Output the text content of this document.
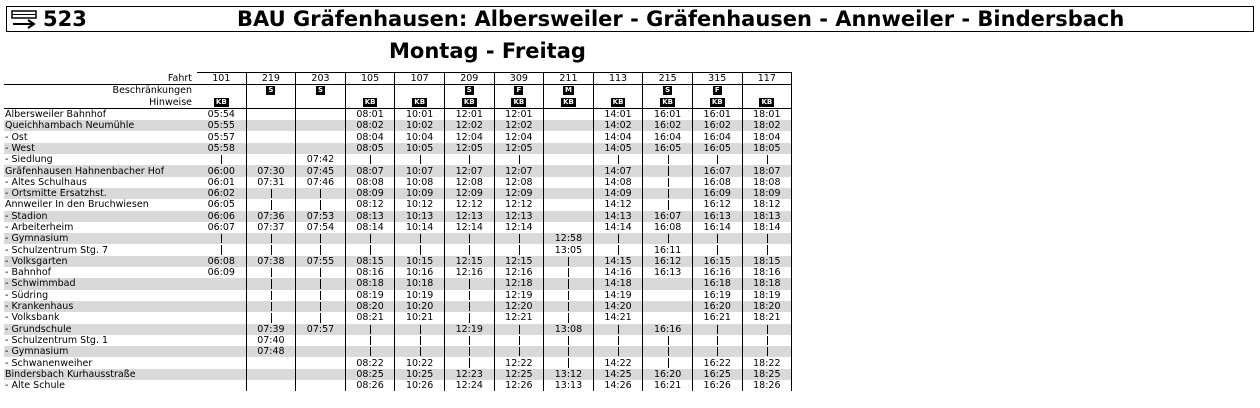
523	BAU Gräfenhausen: Albersweiler - Gräfenhausen - Annweiler - Bindersbach
Montag - Freitag
Fahrt	101	219	203	105	107	209	309	211	113	215	315	117
Beschränkungen		S	S			S	F	M		S	F	
Hinweise	KB			KB	KB	KB	KB	KB	KB	KB	KB	KB
Albersweiler Bahnhof	05:54			08:01	10:01	12:01	12:01		14:01	16:01	16:01	18:01
Queichhambach Neumühle	05:55			08:02	10:02	12:02	12:02		14:02	16:02	16:02	18:02
- Ost	05:57			08:04	10:04	12:04	12:04		14:04	16:04	16:04	18:04
- West	05:58			08:05	10:05	12:05	12:05		14:05	16:05	16:05	18:05
- Siedlung			07:42									
Gräfenhausen Hahnenbacher Hof	06:00	07:30	07:45	08:07	10:07	12:07	12:07		14:07		16:07	18:07
- Altes Schulhaus	06:01	07:31	07:46	08:08	10:08	12:08	12:08		14:08		16:08	18:08
- Ortsmitte Ersatzhst.	06:02			08:09	10:09	12:09	12:09		14:09		16:09	18:09
Annweiler In den Bruchwiesen	06:05			08:12	10:12	12:12	12:12		14:12		16:12	18:12
- Stadion	06:06	07:36	07:53	08:13	10:13	12:13	12:13		14:13	16:07	16:13	18:13
- Arbeiterheim	06:07	07:37	07:54	08:14	10:14	12:14	12:14		14:14	16:08	16:14	18:14
- Gymnasium								12:58				
- Schulzentrum Stg. 7								13:05		16:11		
- Volksgarten	06:08	07:38	07:55	08:15	10:15	12:15	12:15		14:15	16:12	16:15	18:15
- Bahnhof	06:09			08:16	10:16	12:16	12:16		14:16	16:13	16:16	18:16
- Schwimmbad				08:18	10:18		12:18		14:18		16:18	18:18
- Südring				08:19	10:19		12:19		14:19		16:19	18:19
- Krankenhaus				08:20	10:20		12:20		14:20		16:20	18:20
- Volksbank				08:21	10:21		12:21		14:21		16:21	18:21
- Grundschule		07:39	07:57			12:19		13:08		16:16		
- Schulzentrum Stg. 1		07:40										
- Gymnasium		07:48										
- Schwanenweiher				08:22	10:22		12:22		14:22		16:22	18:22
Bindersbach Kurhausstraße				08:25	10:25	12:23	12:25	13:12	14:25	16:20	16:25	18:25
- Alte Schule				08:26	10:26	12:24	12:26	13:13	14:26	16:21	16:26	18:26
